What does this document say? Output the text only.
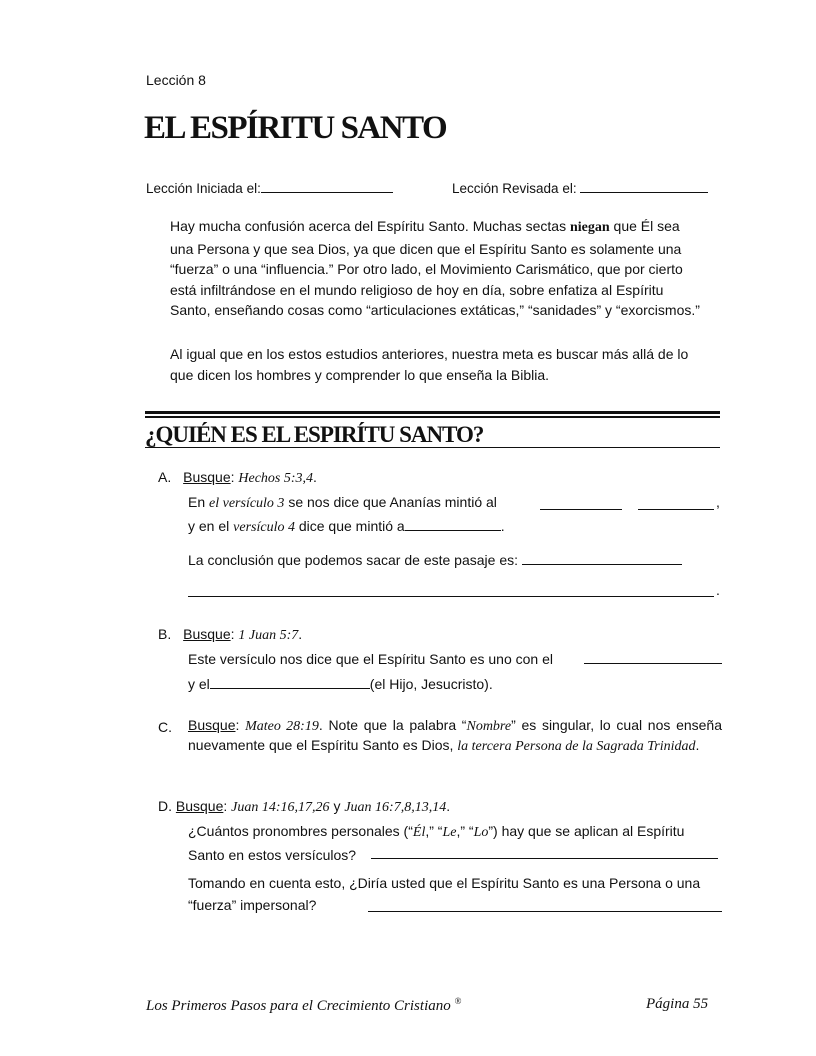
Lección 8
EL ESPÍRITU SANTO
Lección Iniciada el:	Lección Revisada el:
Hay mucha confusión acerca del Espíritu Santo. Muchas sectas niegan que Él sea una Persona y que sea Dios, ya que dicen que el Espíritu Santo es solamente una “fuerza” o una “influencia.” Por otro lado, el Movimiento Carismático, que por cierto está infiltrándose en el mundo religioso de hoy en día, sobre enfatiza al Espíritu Santo, enseñando cosas como “articulaciones extáticas,” “sanidades” y “exorcismos.”
Al igual que en los estos estudios anteriores, nuestra meta es buscar más allá de lo que dicen los hombres y comprender lo que enseña la Biblia.
¿QUIÉN ES EL ESPIRÍTU SANTO?
A. Busque: Hechos 5:3,4.
En el versículo 3 se nos dice que Ananías mintió al	,
y en el versículo 4 dice que mintió a	.
La conclusión que podemos sacar de este pasaje es:
.
B. Busque: 1 Juan 5:7.
Este versículo nos dice que el Espíritu Santo es uno con el
y el	(el Hijo, Jesucristo).
C. Busque: Mateo 28:19. Note que la palabra “Nombre” es singular, lo cual nos enseña nuevamente que el Espíritu Santo es Dios, la tercera Persona de la Sagrada Trinidad.
D. Busque: Juan 14:16,17,26 y Juan 16:7,8,13,14.
¿Cuántos pronombres personales (“Él,” “Le,” “Lo”) hay que se aplican al Espíritu Santo en estos versículos?
Tomando en cuenta esto, ¿Diría usted que el Espíritu Santo es una Persona o una “fuerza” impersonal?
Los Primeros Pasos para el Crecimiento Cristiano ®	Página 55
